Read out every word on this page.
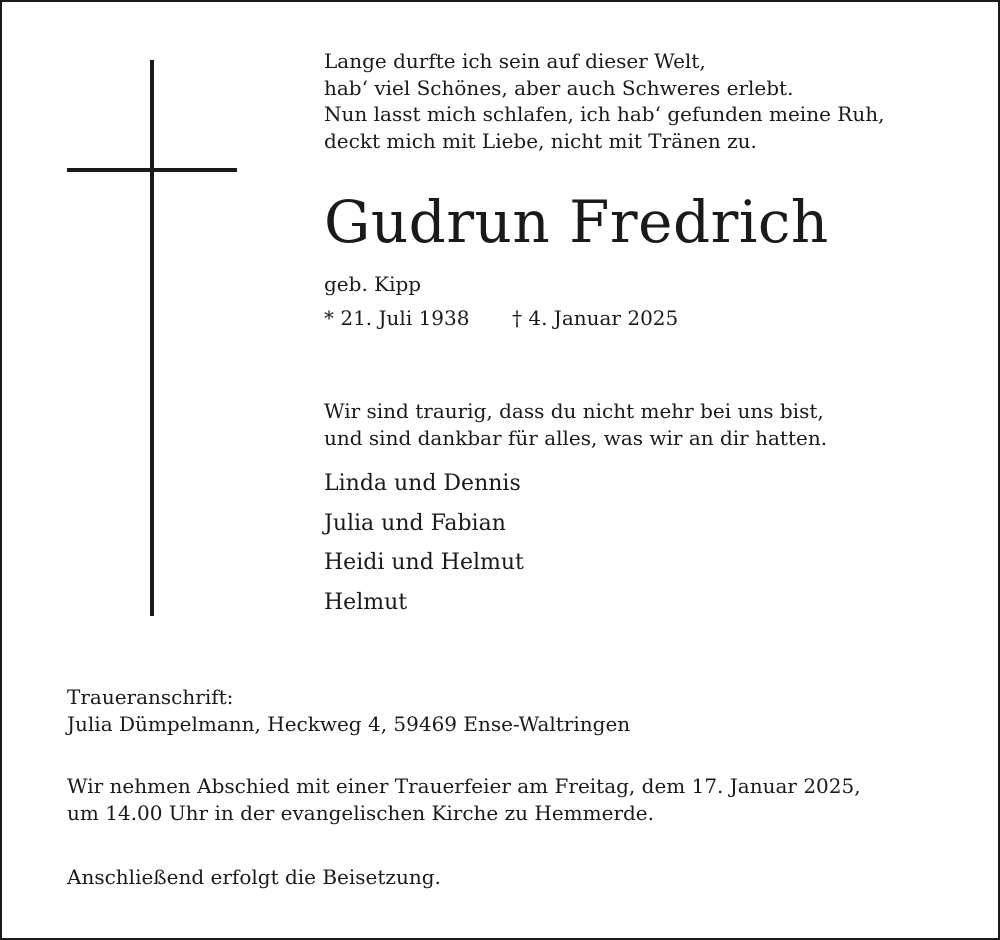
Lange durfte ich sein auf dieser Welt,
hab‘ viel Schönes, aber auch Schweres erlebt.
Nun lasst mich schlafen, ich hab‘ gefunden meine Ruh,
deckt mich mit Liebe, nicht mit Tränen zu.
Gudrun Fredrich
geb. Kipp
* 21. Juli 1938 † 4. Januar 2025
Wir sind traurig, dass du nicht mehr bei uns bist,
und sind dankbar für alles, was wir an dir hatten.
Linda und Dennis
Julia und Fabian
Heidi und Helmut
Helmut
Traueranschrift:
Julia Dümpelmann, Heckweg 4, 59469 Ense-Waltringen
Wir nehmen Abschied mit einer Trauerfeier am Freitag, dem 17. Januar 2025,
um 14.00 Uhr in der evangelischen Kirche zu Hemmerde.
Anschließend erfolgt die Beisetzung.
